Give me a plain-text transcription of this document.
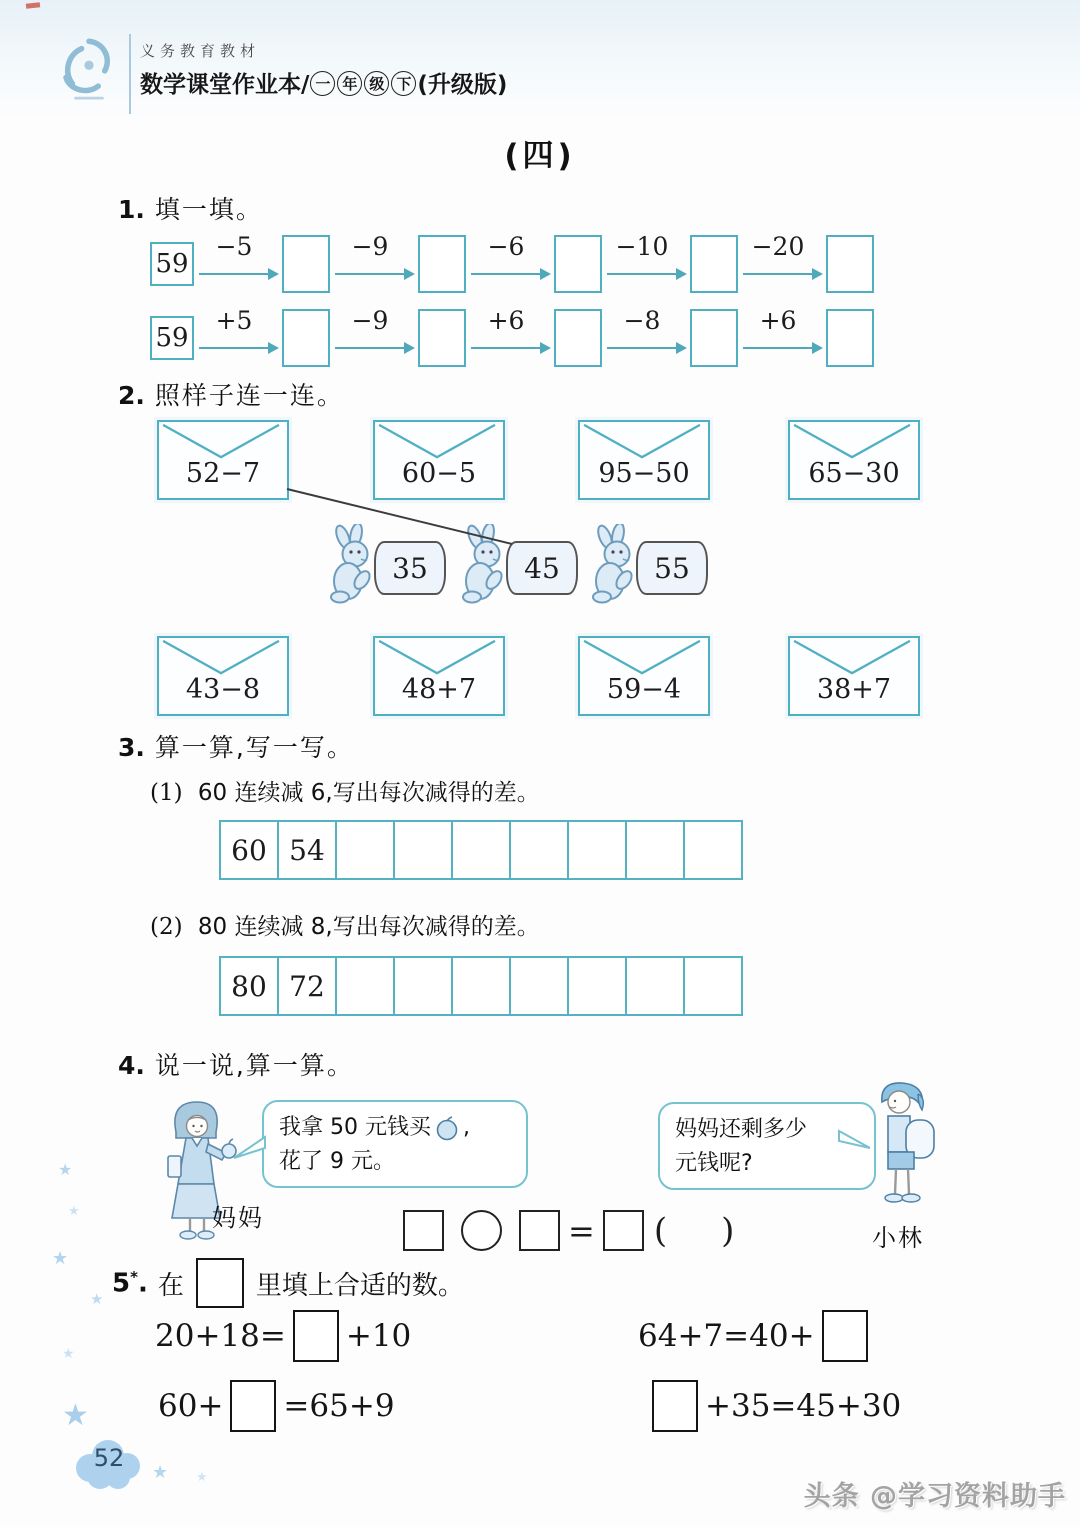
义务教育教材
数学课堂作业本/ 一 年 级 下 (升级版)
(四)
1. 填一填。
59
−5	−9	−6	−10	−20
59
+5	−9	+6	−8	+6
2. 照样子连一连。
52−7	60−5	95−50	65−30
35	45	55
43−8	48+7	59−4	38+7
3. 算一算,写一写。
(1) 60 连续减 6,写出每次减得的差。
60 54
(2) 80 连续减 8,写出每次减得的差。
80 72
4. 说一说,算一算。
妈妈
我拿 50 元钱买 ,
花了 9 元。
= ( )
妈妈还剩多少
元钱呢?
小林
5*. 在	里填上合适的数。
20+18= +10	64+7=40+
60+ =65+9	+35=45+30
★
★
★
★
★
★
★
★
52
头条 @学习资料助手
